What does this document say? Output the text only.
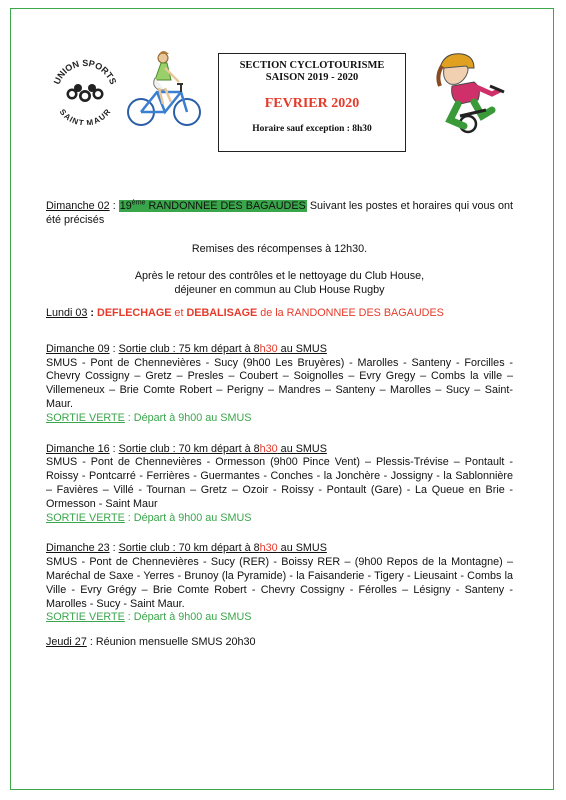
UNION SPORTS
SAINT MAUR
SECTION CYCLOTOURISME
SAISON 2019 - 2020
FEVRIER 2020
Horaire sauf exception : 8h30

Dimanche 02 : 19ème RANDONNEE DES BAGAUDES Suivant les postes et horaires qui vous ont été précisés

Remises des récompenses à 12h30.

Après le retour des contrôles et le nettoyage du Club House,

déjeuner en commun au Club House Rugby

Lundi 03 : DEFLECHAGE et DEBALISAGE de la RANDONNEE DES BAGAUDES

Dimanche 09 : Sortie club : 75 km départ à 8h30 au SMUS

SMUS - Pont de Chennevières - Sucy (9h00 Les Bruyères) - Marolles - Santeny - Forcilles - Chevry Cossigny – Gretz – Presles – Coubert – Soignolles – Evry Gregy – Combs la ville – Villemeneux – Brie Comte Robert – Perigny – Mandres – Santeny – Marolles – Sucy – Saint-Maur.

SORTIE VERTE : Départ à 9h00 au SMUS

Dimanche 16 : Sortie club : 70 km départ à 8h30 au SMUS

SMUS - Pont de Chennevières - Ormesson (9h00 Pince Vent) – Plessis-Trévise – Pontault - Roissy - Pontcarré - Ferrières - Guermantes - Conches - la Jonchère - Jossigny - la Sablonnière – Favières – Villé - Tournan – Gretz – Ozoir - Roissy - Pontault (Gare) - La Queue en Brie - Ormesson - Saint Maur

SORTIE VERTE : Départ à 9h00 au SMUS

Dimanche 23 : Sortie club : 70 km départ à 8h30 au SMUS

SMUS - Pont de Chennevières - Sucy (RER) - Boissy RER – (9h00 Repos de la Montagne) – Maréchal de Saxe - Yerres - Brunoy (la Pyramide) - la Faisanderie - Tigery - Lieusaint - Combs la Ville - Evry Grégy – Brie Comte Robert - Chevry Cossigny - Férolles – Lésigny - Santeny - Marolles - Sucy - Saint Maur.

SORTIE VERTE : Départ à 9h00 au SMUS

Jeudi 27 : Réunion mensuelle SMUS 20h30
